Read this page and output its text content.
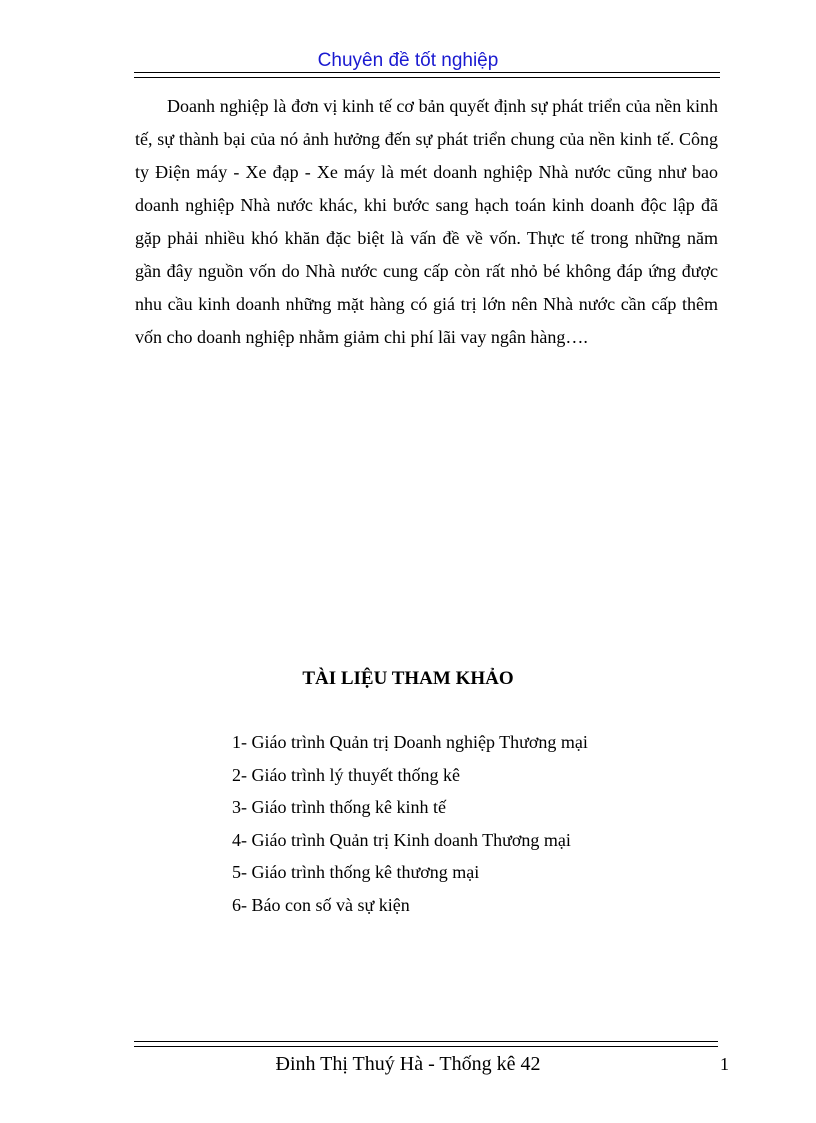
Chuyên đề tốt nghiệp

Doanh nghiệp là đơn vị kinh tế cơ bản quyết định sự phát triển của nền kinh tế, sự thành bại của nó ảnh hưởng đến sự phát triển chung của nền kinh tế. Công ty Điện máy - Xe đạp - Xe máy là mét doanh nghiệp Nhà nước cũng như bao doanh nghiệp Nhà nước khác, khi bước sang hạch toán kinh doanh độc lập đã gặp phải nhiều khó khăn đặc biệt là vấn đề về vốn. Thực tế trong những năm gần đây nguồn vốn do Nhà nước cung cấp còn rất nhỏ bé không đáp ứng được nhu cầu kinh doanh những mặt hàng có giá trị lớn nên Nhà nước cần cấp thêm vốn cho doanh nghiệp nhằm giảm chi phí lãi vay ngân hàng….

TÀI LIỆU THAM KHẢO
1- Giáo trình Quản trị Doanh nghiệp Thương mại
2- Giáo trình lý thuyết thống kê
3- Giáo trình thống kê kinh tế
4- Giáo trình Quản trị Kinh doanh Thương mại
5- Giáo trình thống kê thương mại
6- Báo con số và sự kiện
Đinh Thị Thuý Hà - Thống kê 42	1
